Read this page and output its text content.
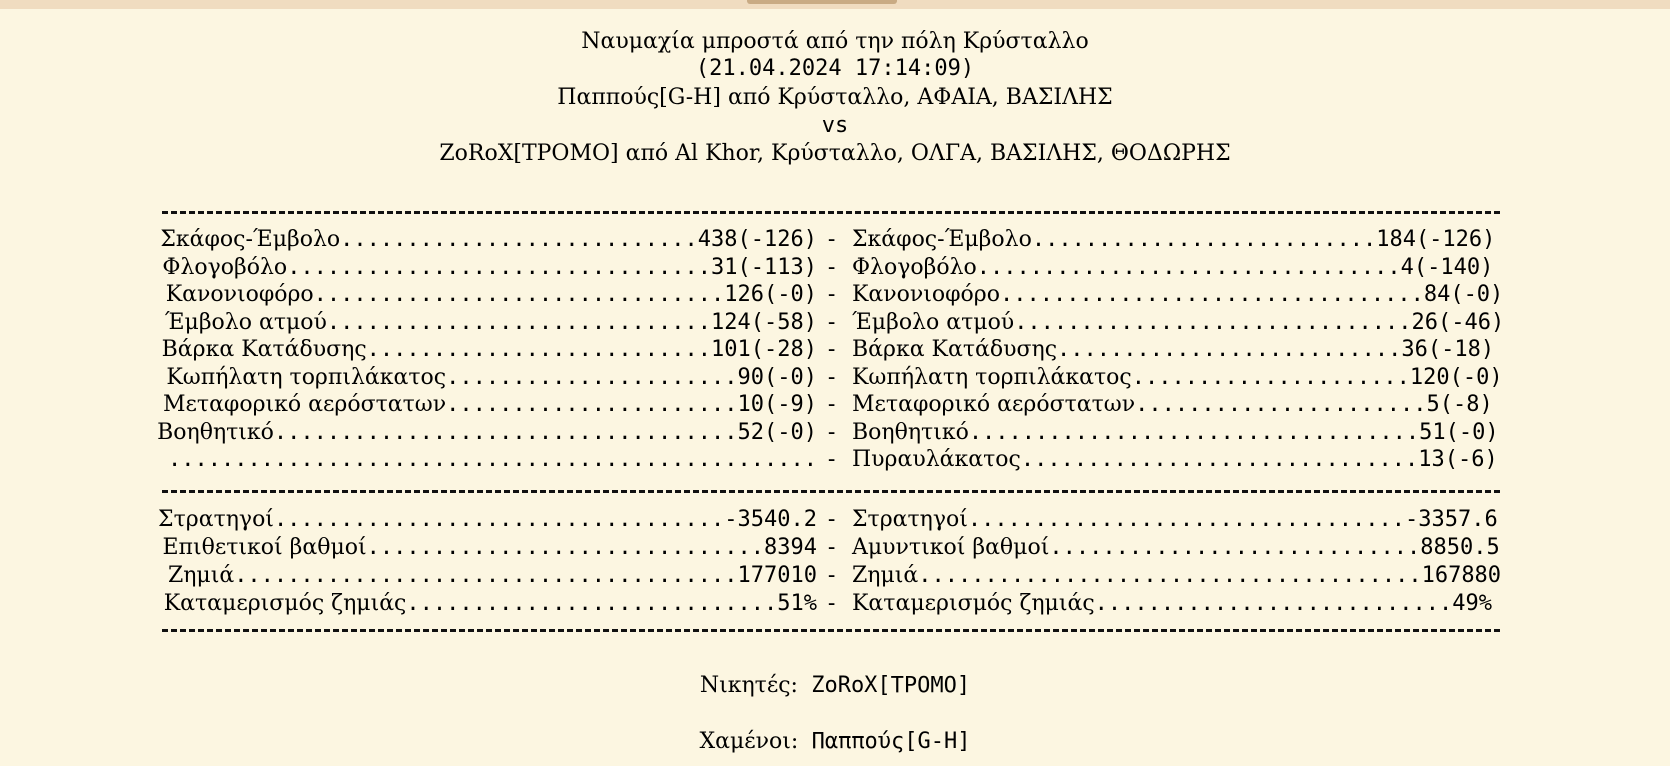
Ναυμαχία μπροστά από την πόλη Κρύσταλλο
(21.04.2024 17:14:09)
Παππούς[G-H] από Κρύσταλλο, ΑΦΑΙΑ, ΒΑΣΙΛΗΣ
vs
ZoRoX[ΤΡΟΜΟ] από Al Khor, Κρύσταλλο, ΟΛΓΑ, ΒΑΣΙΛΗΣ, ΘΟΔΩΡΗΣ
Σκάφος-Έμβολο...........................438(-126) - Σκάφος-Έμβολο..........................184(-126)
Φλογοβόλο................................31(-113) - Φλογοβόλο................................4(-140)
Κανονιοφόρο...............................126(-0) - Κανονιοφόρο................................84(-0)
Έμβολο ατμού.............................124(-58) - Έμβολο ατμού..............................26(-46)
Βάρκα Κατάδυσης..........................101(-28) - Βάρκα Κατάδυσης..........................36(-18)
Κωπήλατη τορπιλάκατος......................90(-0) - Κωπήλατη τορπιλάκατος.....................120(-0)
Μεταφορικό αερόστατων......................10(-9) - Μεταφορικό αερόστατων......................5(-8)
Βοηθητικό...................................52(-0) - Βοηθητικό..................................51(-0)
................................................. - Πυραυλάκατος..............................13(-6)
Στρατηγοί..................................-3540.2 - Στρατηγοί.................................-3357.6
Επιθετικοί βαθμοί..............................8394 - Αμυντικοί βαθμοί............................8850.5
Ζημιά......................................177010 - Ζημιά......................................167880
Καταμερισμός ζημιάς............................51% - Καταμερισμός ζημιάς...........................49%
Νικητές: ZoRoX[ΤΡΟΜΟ]
Χαμένοι: Παππούς[G-H]
